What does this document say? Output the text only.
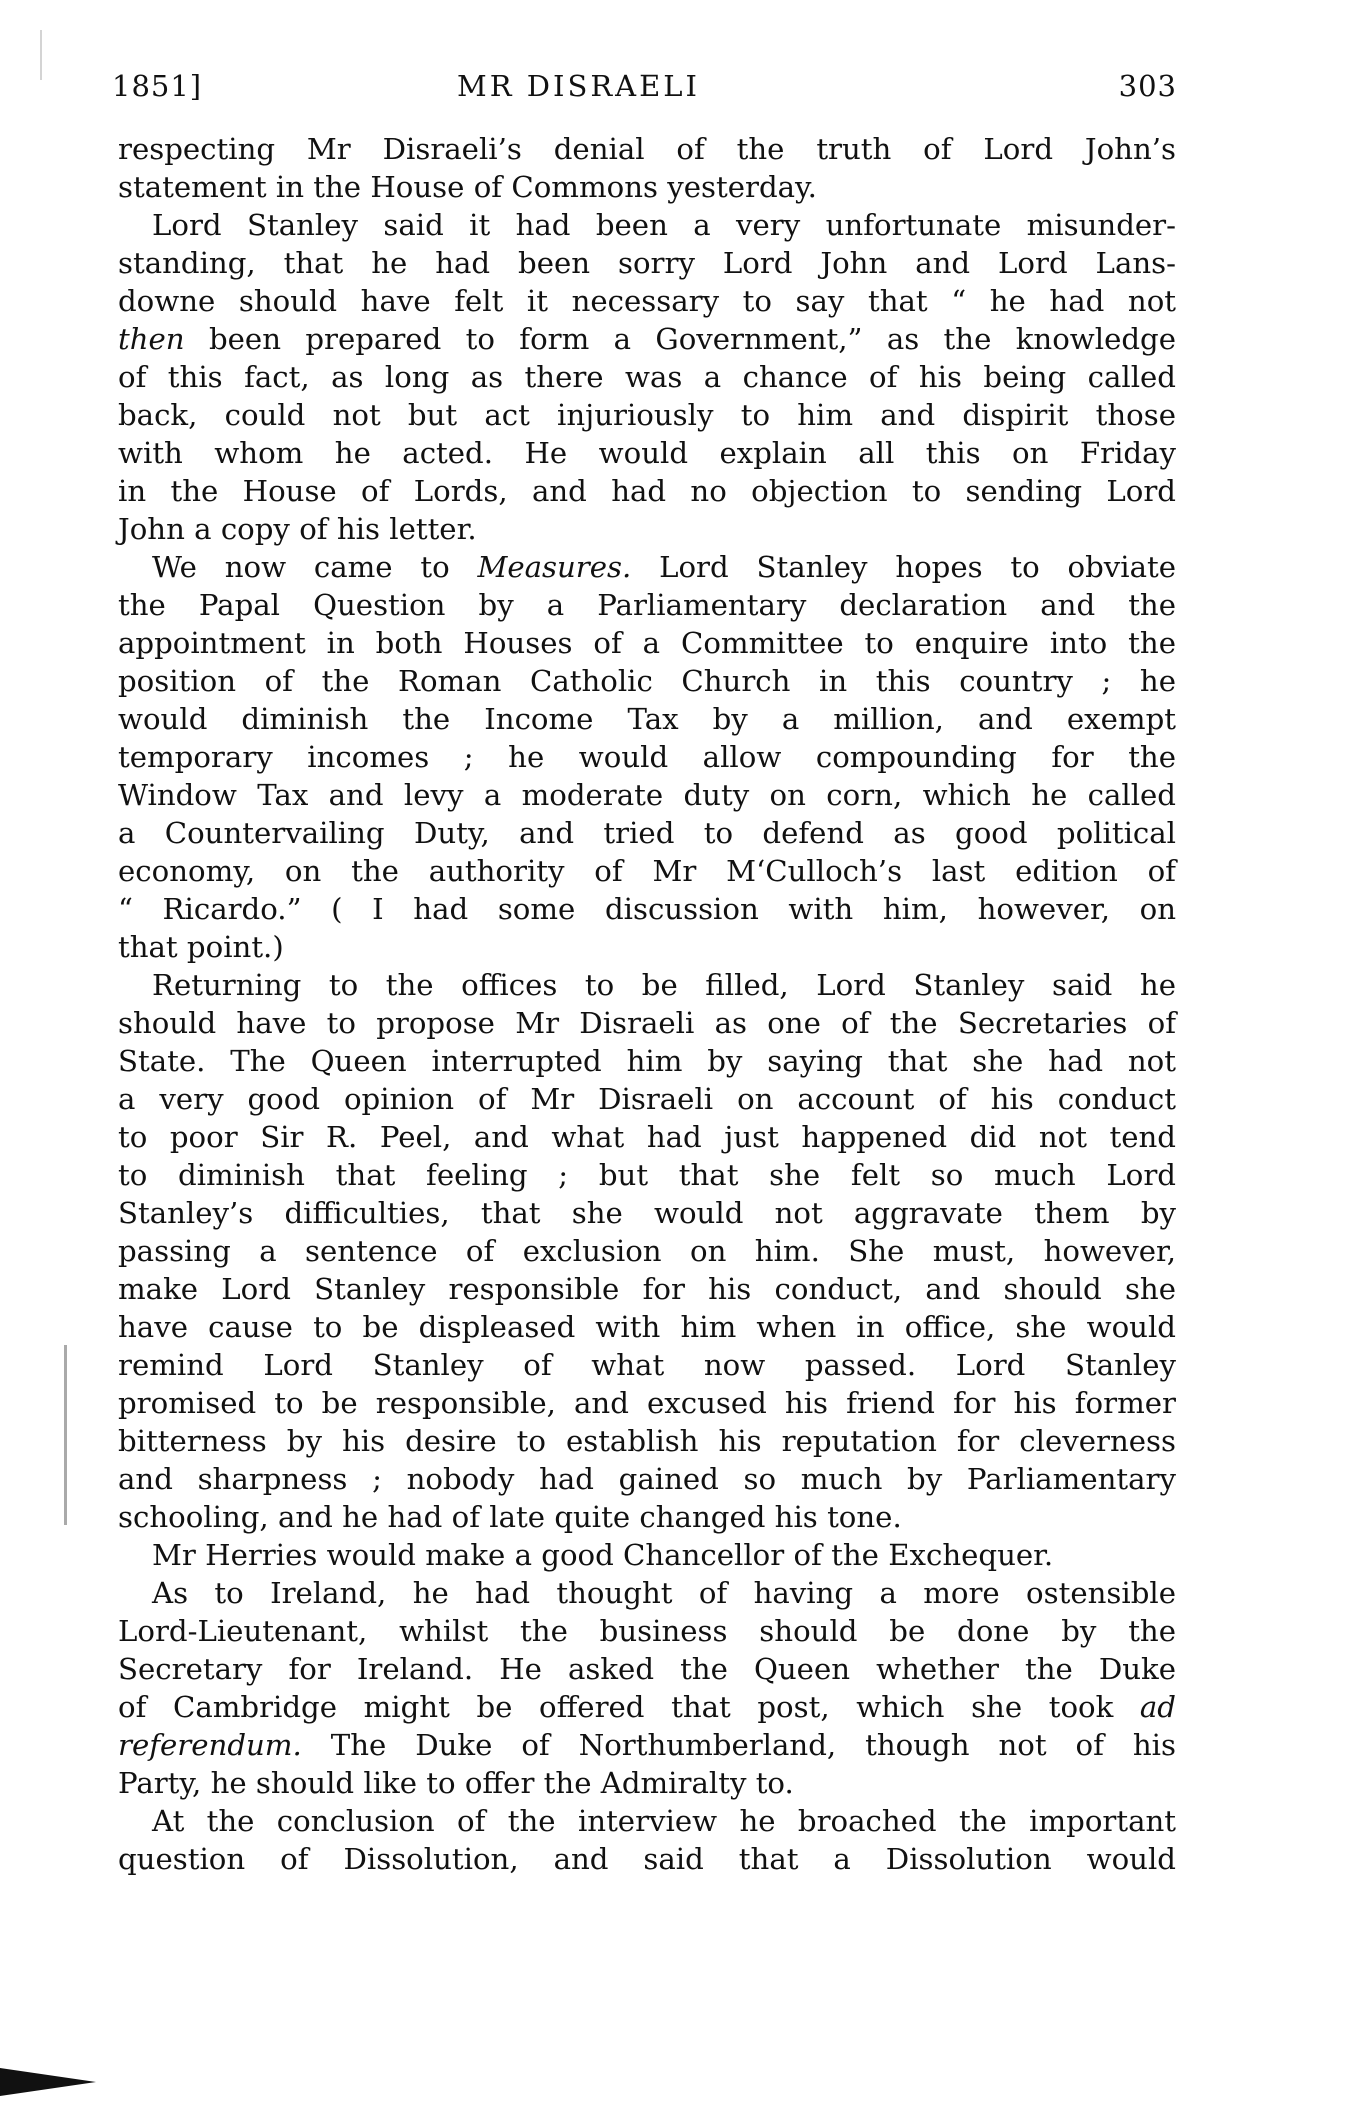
1851]	MR DISRAELI	303
respecting Mr Disraeli’s denial of the truth of Lord John’s
statement in the House of Commons yesterday.
Lord Stanley said it had been a very unfortunate misunder-
standing, that he had been sorry Lord John and Lord Lans-
downe should have felt it necessary to say that “ he had not
then been prepared to form a Government,” as the knowledge
of this fact, as long as there was a chance of his being called
back, could not but act injuriously to him and dispirit those
with whom he acted. He would explain all this on Friday
in the House of Lords, and had no objection to sending Lord
John a copy of his letter.
We now came to Measures. Lord Stanley hopes to obviate
the Papal Question by a Parliamentary declaration and the
appointment in both Houses of a Committee to enquire into the
position of the Roman Catholic Church in this country ; he
would diminish the Income Tax by a million, and exempt
temporary incomes ; he would allow compounding for the
Window Tax and levy a moderate duty on corn, which he called
a Countervailing Duty, and tried to defend as good political
economy, on the authority of Mr M‘Culloch’s last edition of
“ Ricardo.” ( I had some discussion with him, however, on
that point.)
Returning to the offices to be filled, Lord Stanley said he
should have to propose Mr Disraeli as one of the Secretaries of
State. The Queen interrupted him by saying that she had not
a very good opinion of Mr Disraeli on account of his conduct
to poor Sir R. Peel, and what had just happened did not tend
to diminish that feeling ; but that she felt so much Lord
Stanley’s difficulties, that she would not aggravate them by
passing a sentence of exclusion on him. She must, however,
make Lord Stanley responsible for his conduct, and should she
have cause to be displeased with him when in office, she would
remind Lord Stanley of what now passed. Lord Stanley
promised to be responsible, and excused his friend for his former
bitterness by his desire to establish his reputation for cleverness
and sharpness ; nobody had gained so much by Parliamentary
schooling, and he had of late quite changed his tone.
Mr Herries would make a good Chancellor of the Exchequer.
As to Ireland, he had thought of having a more ostensible
Lord-Lieutenant, whilst the business should be done by the
Secretary for Ireland. He asked the Queen whether the Duke
of Cambridge might be offered that post, which she took ad
referendum. The Duke of Northumberland, though not of his
Party, he should like to offer the Admiralty to.
At the conclusion of the interview he broached the important
question of Dissolution, and said that a Dissolution would
